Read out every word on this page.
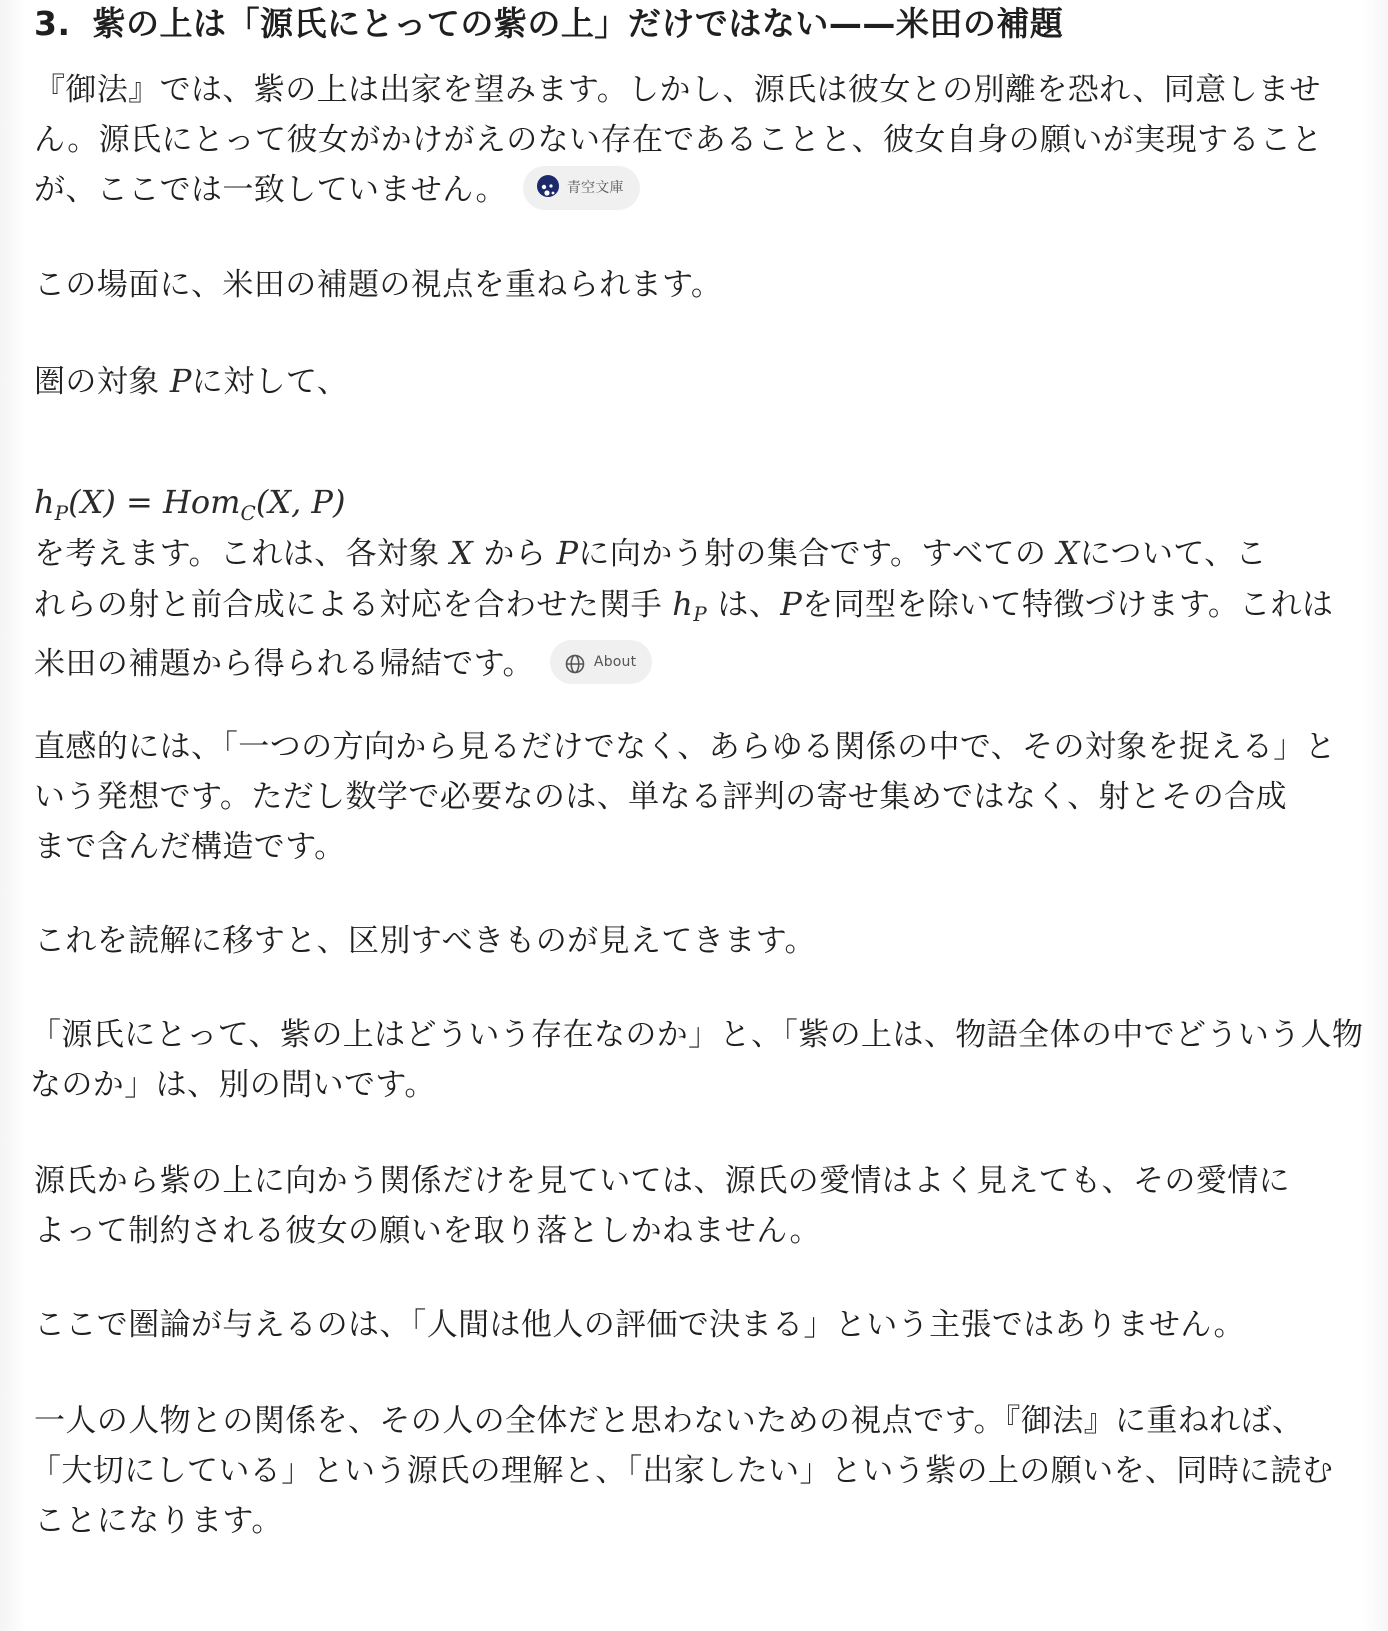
3. 紫の上は「源氏にとっての紫の上」だけではない——米田の補題

『御法』では、紫の上は出家を望みます。しかし、源氏は彼女との別離を恐れ、同意しませ
ん。源氏にとって彼女がかけがえのない存在であることと、彼女自身の願いが実現すること
が、ここでは一致していません。	青空文庫

この場面に、米田の補題の視点を重ねられます。

圏の対象 Pに対して、

$h_P(X) = Hom_C(X$, P)

を考えます。これは、各対象 X から Pに向かう射の集合です。すべての Xについて、こ
れらの射と前合成による対応を合わせた関手 $h_P$ は、Pを同型を除いて特徴づけます。これは
米田の補題から得られる帰結です。	About

直感的には、「一つの方向から見るだけでなく、あらゆる関係の中で、その対象を捉える」と
いう発想です。ただし数学で必要なのは、単なる評判の寄せ集めではなく、射とその合成
まで含んだ構造です。

これを読解に移すと、区別すべきものが見えてきます。

「源氏にとって、紫の上はどういう存在なのか」と、「紫の上は、物語全体の中でどういう人物
なのか」は、別の問いです。

源氏から紫の上に向かう関係だけを見ていては、源氏の愛情はよく見えても、その愛情に
よって制約される彼女の願いを取り落としかねません。

ここで圏論が与えるのは、「人間は他人の評価で決まる」という主張ではありません。

一人の人物との関係を、その人の全体だと思わないための視点です。『御法』に重ねれば、
「大切にしている」という源氏の理解と、「出家したい」という紫の上の願いを、同時に読む
ことになります。
